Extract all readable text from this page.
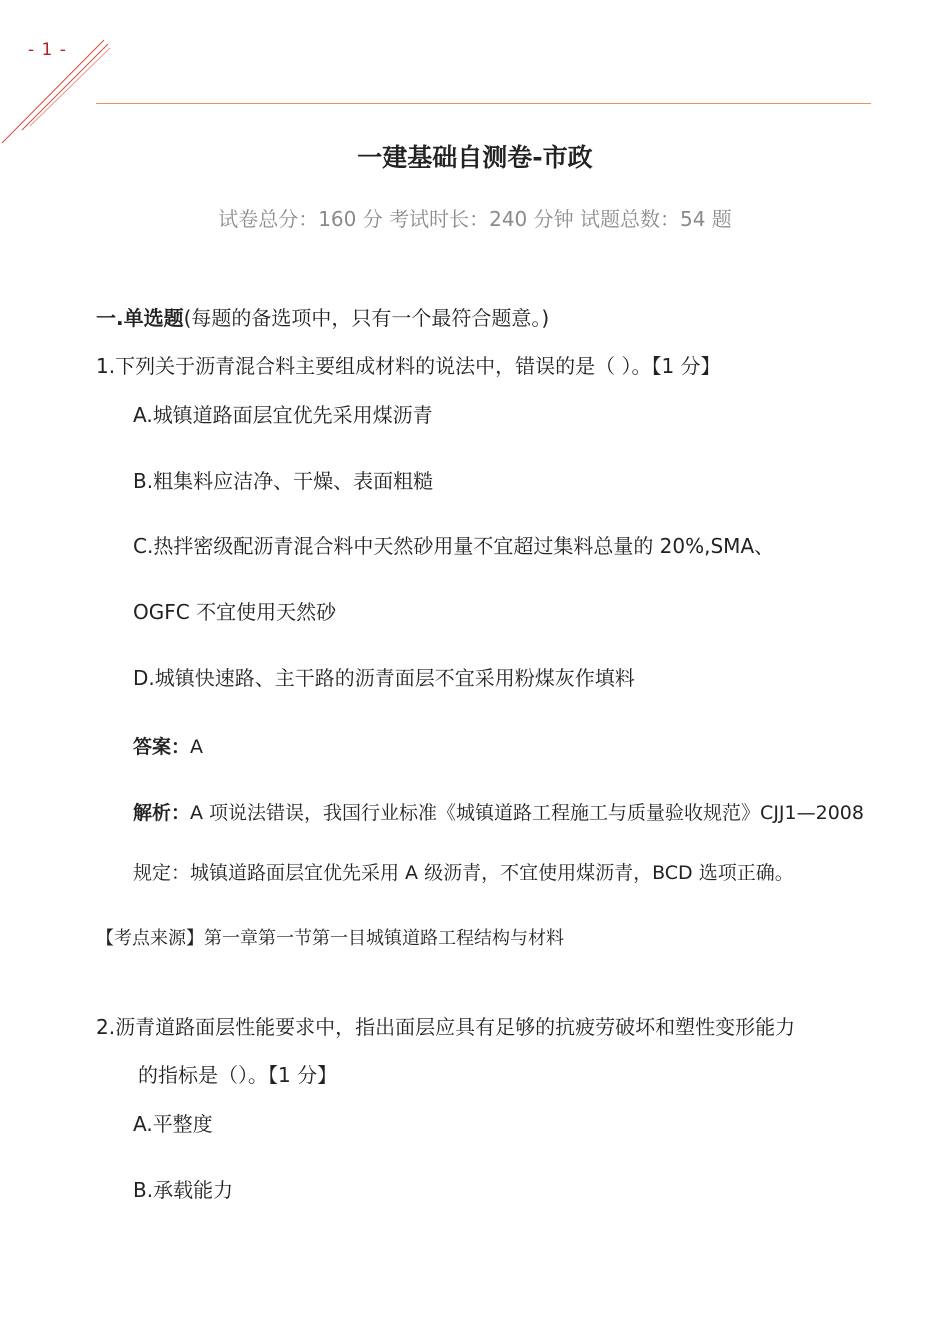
- 1 -
一建基础自测卷-市政
试卷总分：160 分 考试时长：240 分钟 试题总数：54 题
一.单选题(每题的备选项中，只有一个最符合题意。)
1.下列关于沥青混合料主要组成材料的说法中，错误的是（ ）。【1 分】
A.城镇道路面层宜优先采用煤沥青
B.粗集料应洁净、干燥、表面粗糙
C.热拌密级配沥青混合料中天然砂用量不宜超过集料总量的 20%,SMA、
OGFC 不宜使用天然砂
D.城镇快速路、主干路的沥青面层不宜采用粉煤灰作填料
答案：A
解析：A 项说法错误，我国行业标准《城镇道路工程施工与质量验收规范》CJJ1—2008
规定：城镇道路面层宜优先采用 A 级沥青，不宜使用煤沥青，BCD 选项正确。
【考点来源】第一章第一节第一目城镇道路工程结构与材料
2.沥青道路面层性能要求中，指出面层应具有足够的抗疲劳破坏和塑性变形能力
的指标是（）。【1 分】
A.平整度
B.承载能力
